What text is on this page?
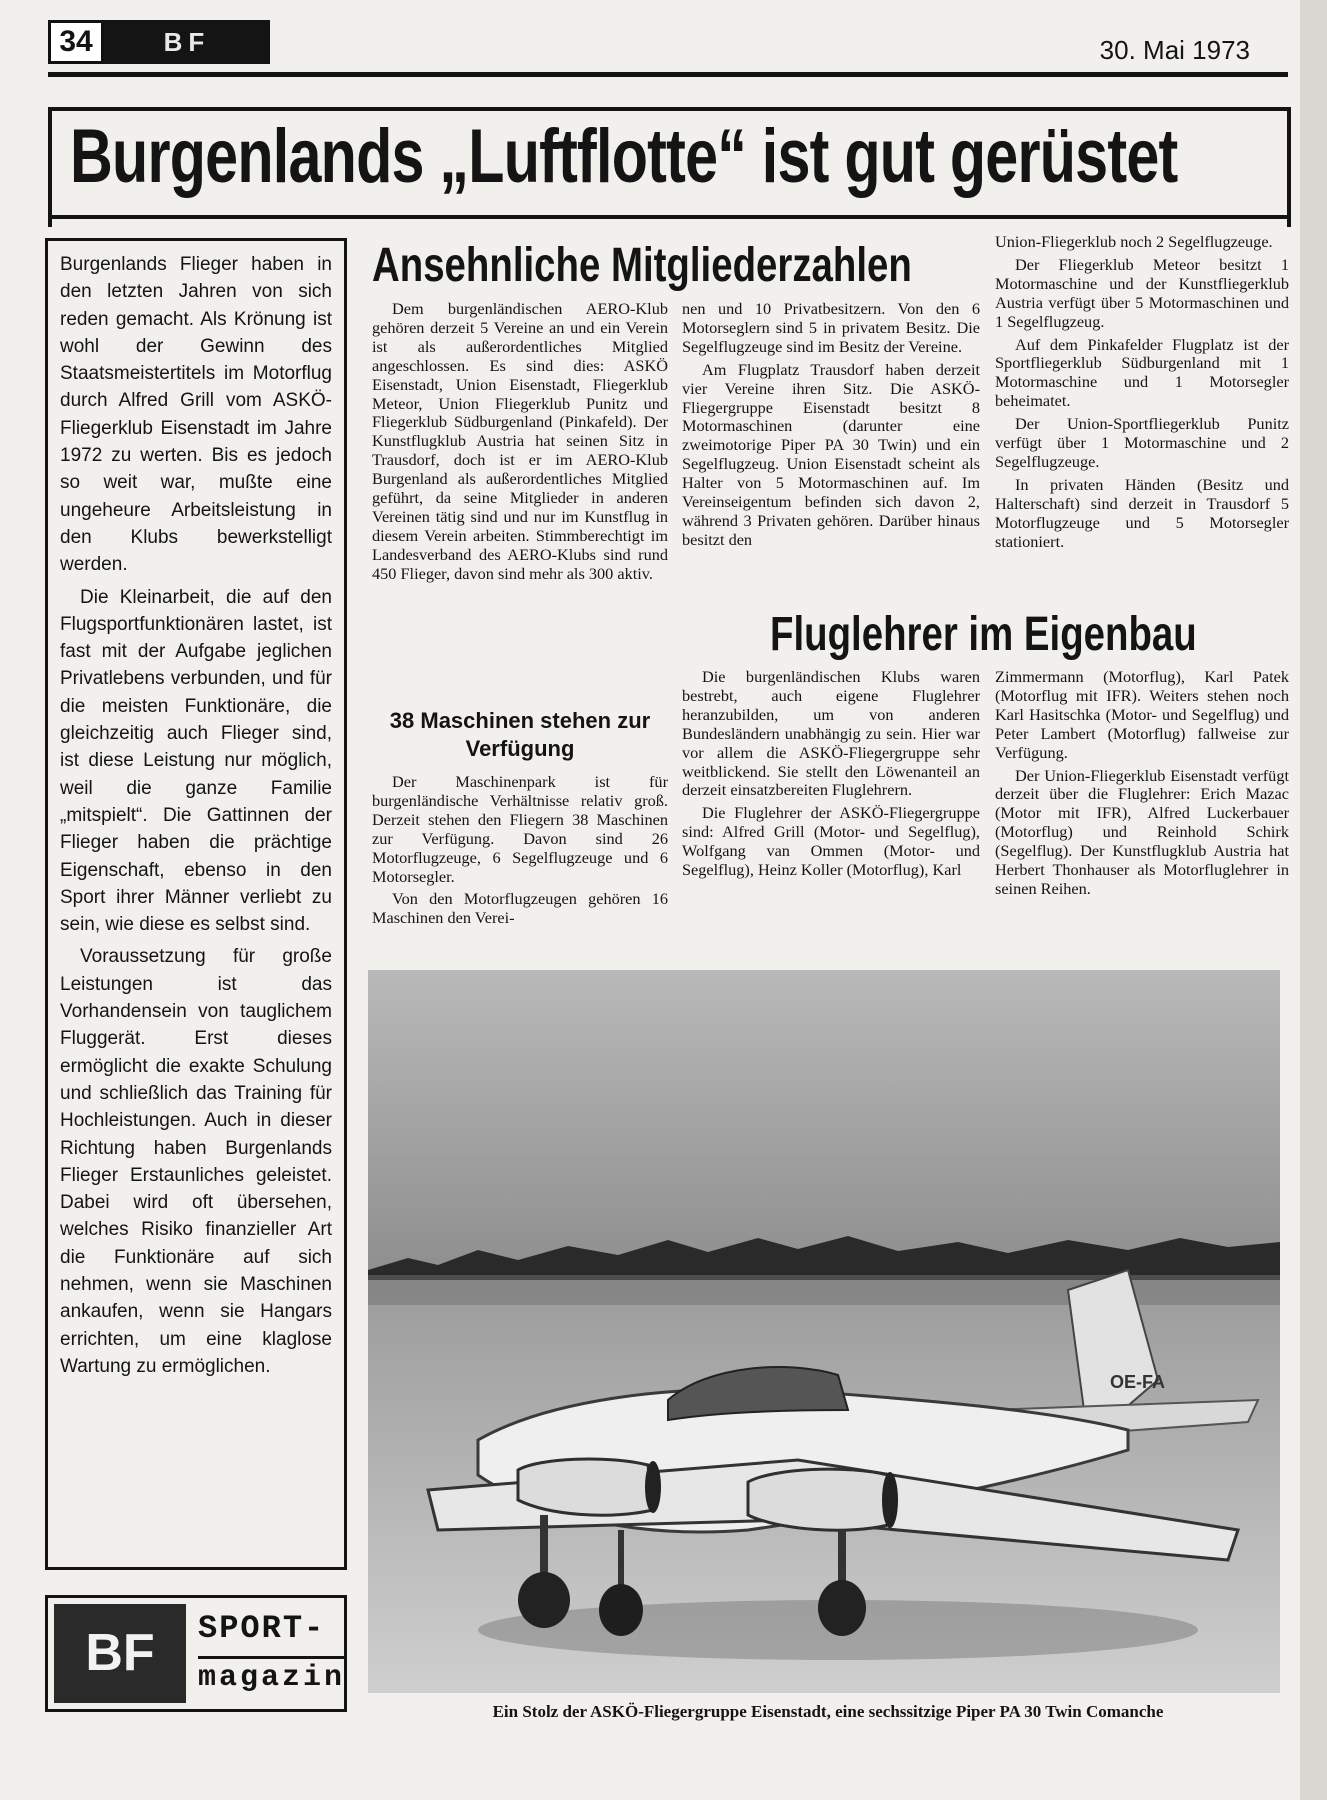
34	BF	30. Mai 1973
Burgenlands „Luftflotte“ ist gut gerüstet

Burgenlands Flieger haben in den letzten Jahren von sich reden gemacht. Als Krönung ist wohl der Gewinn des Staatsmeistertitels im Motorflug durch Alfred Grill vom ASKÖ-Fliegerklub Eisenstadt im Jahre 1972 zu werten. Bis es jedoch so weit war, mußte eine ungeheure Arbeitsleistung in den Klubs bewerkstelligt werden.

Die Kleinarbeit, die auf den Flugsportfunktionären lastet, ist fast mit der Aufgabe jeglichen Privatlebens verbunden, und für die meisten Funktionäre, die gleichzeitig auch Flieger sind, ist diese Leistung nur möglich, weil die ganze Familie „mitspielt“. Die Gattinnen der Flieger haben die prächtige Eigenschaft, ebenso in den Sport ihrer Männer verliebt zu sein, wie diese es selbst sind.

Voraussetzung für große Leistungen ist das Vorhandensein von tauglichem Fluggerät. Erst dieses ermöglicht die exakte Schulung und schließlich das Training für Hochleistungen. Auch in dieser Richtung haben Burgenlands Flieger Erstaunliches geleistet. Dabei wird oft übersehen, welches Risiko finanzieller Art die Funktionäre auf sich nehmen, wenn sie Maschinen ankaufen, wenn sie Hangars errichten, um eine klaglose Wartung zu ermöglichen.

BF	SPORT-
magazin
Ansehnliche Mitgliederzahlen

Dem burgenländischen AERO-Klub gehören derzeit 5 Vereine an und ein Verein ist als außerordentliches Mitglied angeschlossen. Es sind dies: ASKÖ Eisenstadt, Union Eisenstadt, Fliegerklub Meteor, Union Fliegerklub Punitz und Fliegerklub Südburgenland (Pinkafeld). Der Kunstflugklub Austria hat seinen Sitz in Trausdorf, doch ist er im AERO-Klub Burgenland als außerordentliches Mitglied geführt, da seine Mitglieder in anderen Vereinen tätig sind und nur im Kunstflug in diesem Verein arbeiten. Stimmberechtigt im Landesverband des AERO-Klubs sind rund 450 Flieger, davon sind mehr als 300 aktiv.

38 Maschinen stehen zur Verfügung

Der Maschinenpark ist für burgenländische Verhältnisse relativ groß. Derzeit stehen den Fliegern 38 Maschinen zur Verfügung. Davon sind 26 Motorflugzeuge, 6 Segelflugzeuge und 6 Motorsegler.

Von den Motorflugzeugen gehören 16 Maschinen den Verei-

nen und 10 Privatbesitzern. Von den 6 Motorseglern sind 5 in privatem Besitz. Die Segelflugzeuge sind im Besitz der Vereine.

Am Flugplatz Trausdorf haben derzeit vier Vereine ihren Sitz. Die ASKÖ-Fliegergruppe Eisenstadt besitzt 8 Motormaschinen (darunter eine zweimotorige Piper PA 30 Twin) und ein Segelflugzeug. Union Eisenstadt scheint als Halter von 5 Motormaschinen auf. Im Vereinseigentum befinden sich davon 2, während 3 Privaten gehören. Darüber hinaus besitzt den

Union-Fliegerklub noch 2 Segelflugzeuge.

Der Fliegerklub Meteor besitzt 1 Motormaschine und der Kunstfliegerklub Austria verfügt über 5 Motormaschinen und 1 Segelflugzeug.

Auf dem Pinkafelder Flugplatz ist der Sportfliegerklub Südburgenland mit 1 Motormaschine und 1 Motorsegler beheimatet.

Der Union-Sportfliegerklub Punitz verfügt über 1 Motormaschine und 2 Segelflugzeuge.

In privaten Händen (Besitz und Halterschaft) sind derzeit in Trausdorf 5 Motorflugzeuge und 5 Motorsegler stationiert.

Fluglehrer im Eigenbau

Die burgenländischen Klubs waren bestrebt, auch eigene Fluglehrer heranzubilden, um von anderen Bundesländern unabhängig zu sein. Hier war vor allem die ASKÖ-Fliegergruppe sehr weitblickend. Sie stellt den Löwenanteil an derzeit einsatzbereiten Fluglehrern.

Die Fluglehrer der ASKÖ-Fliegergruppe sind: Alfred Grill (Motor- und Segelflug), Wolfgang van Ommen (Motor- und Segelflug), Heinz Koller (Motorflug), Karl

Zimmermann (Motorflug), Karl Patek (Motorflug mit IFR). Weiters stehen noch Karl Hasitschka (Motor- und Segelflug) und Peter Lambert (Motorflug) fallweise zur Verfügung.

Der Union-Fliegerklub Eisenstadt verfügt derzeit über die Fluglehrer: Erich Mazac (Motor mit IFR), Alfred Luckerbauer (Motorflug) und Reinhold Schirk (Segelflug). Der Kunstflugklub Austria hat Herbert Thonhauser als Motorfluglehrer in seinen Reihen.

OE-FA
Ein Stolz der ASKÖ-Fliegergruppe Eisenstadt, eine sechssitzige Piper PA 30 Twin Comanche
